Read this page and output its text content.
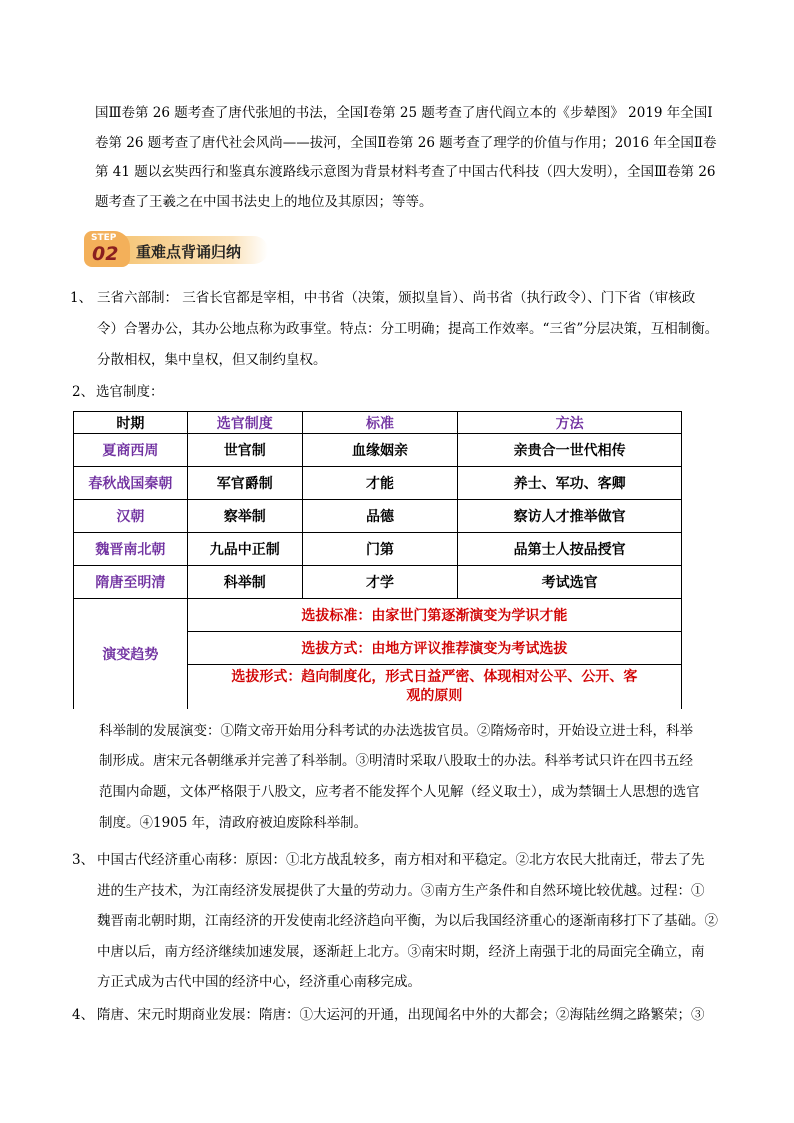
国Ⅲ卷第 26 题考查了唐代张旭的书法，全国Ⅰ卷第 25 题考查了唐代阎立本的《步辇图》 2019 年全国Ⅰ
卷第 26 题考查了唐代社会风尚——拔河，全国Ⅱ卷第 26 题考查了理学的价值与作用；2016 年全国Ⅱ卷
第 41 题以玄奘西行和鉴真东渡路线示意图为背景材料考查了中国古代科技（四大发明），全国Ⅲ卷第 26
题考查了王羲之在中国书法史上的地位及其原因；等等。
重难点背诵归纳
STEP
02
1、 三省六部制： 三省长官都是宰相，中书省（决策，颁拟皇旨）、尚书省（执行政令）、门下省（审核政
令）合署办公，其办公地点称为政事堂。特点：分工明确；提高工作效率。“三省”分层决策，互相制衡。
分散相权，集中皇权，但又制约皇权。
2、 选官制度：
时期	选官制度	标准	方法
夏商西周	世官制	血缘姻亲	亲贵合一世代相传
春秋战国秦朝	军官爵制	才能	养士、军功、客卿
汉朝	察举制	品德	察访人才推举做官
魏晋南北朝	九品中正制	门第	品第士人按品授官
隋唐至明清	科举制	才学	考试选官
演变趋势	选拔标准：由家世门第逐渐演变为学识才能		
	选拔方式：由地方评议推荐演变为考试选拔		
	选拔形式：趋向制度化，形式日益严密、体现相对公平、公开、客
观的原则		
科举制的发展演变：①隋文帝开始用分科考试的办法选拔官员。②隋炀帝时，开始设立进士科，科举
制形成。唐宋元各朝继承并完善了科举制。③明清时采取八股取士的办法。科举考试只许在四书五经
范围内命题，文体严格限于八股文，应考者不能发挥个人见解（经义取士），成为禁锢士人思想的选官
制度。④1905 年，清政府被迫废除科举制。
3、 中国古代经济重心南移：原因：①北方战乱较多，南方相对和平稳定。②北方农民大批南迁，带去了先
进的生产技术，为江南经济发展提供了大量的劳动力。③南方生产条件和自然环境比较优越。过程：①
魏晋南北朝时期，江南经济的开发使南北经济趋向平衡，为以后我国经济重心的逐渐南移打下了基础。②
中唐以后，南方经济继续加速发展，逐渐赶上北方。③南宋时期，经济上南强于北的局面完全确立，南
方正式成为古代中国的经济中心，经济重心南移完成。
4、 隋唐、宋元时期商业发展：隋唐：①大运河的开通，出现闻名中外的大都会；②海陆丝绸之路繁荣；③
